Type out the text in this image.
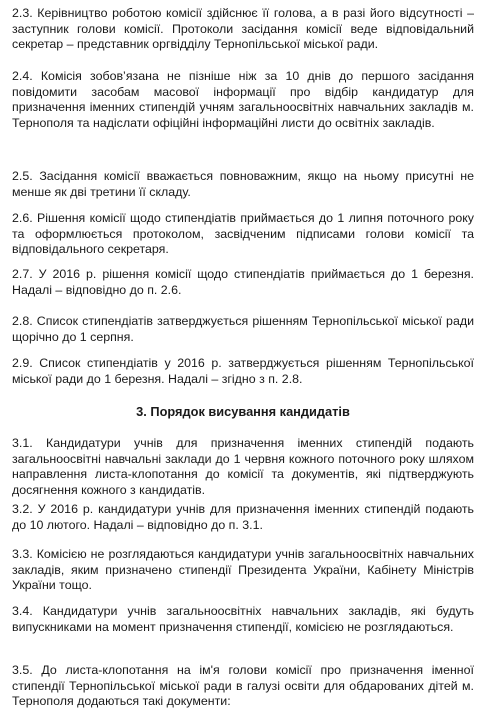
2.3. Керівництво роботою комісії здійснює її голова, а в разі його відсутності – заступник голови комісії. Протоколи засідання комісії веде відповідальний секретар – представник оргвідділу Тернопільської міської ради.

2.4. Комісія зобов’язана не пізніше ніж за 10 днів до першого засідання повідомити засобам масової інформації про відбір кандидатур для призначення іменних стипендій учням загальноосвітніх навчальних закладів м. Тернополя та надіслати офіційні інформаційні листи до освітніх закладів.

2.5. Засідання комісії вважається повноважним, якщо на ньому присутні не менше як дві третини її складу.

2.6. Рішення комісії щодо стипендіатів приймається до 1 липня поточного року та оформлюється протоколом, засвідченим підписами голови комісії та відповідального секретаря.

2.7. У 2016 р. рішення комісії щодо стипендіатів приймається до 1 березня. Надалі – відповідно до п. 2.6.

2.8. Список стипендіатів затверджується рішенням Тернопільської міської ради щорічно до 1 серпня.

2.9. Список стипендіатів у 2016 р. затверджується рішенням Тернопільської міської ради до 1 березня. Надалі – згідно з п. 2.8.

3. Порядок висування кандидатів

3.1. Кандидатури учнів для призначення іменних стипендій подають загальноосвітні навчальні заклади до 1 червня кожного поточного року шляхом направлення листа-клопотання до комісії та документів, які підтверджують досягнення кожного з кандидатів.

3.2. У 2016 р. кандидатури учнів для призначення іменних стипендій подають до 10 лютого. Надалі – відповідно до п. 3.1.

3.3. Комісією не розглядаються кандидатури учнів загальноосвітніх навчальних закладів, яким призначено стипендії Президента України, Кабінету Міністрів України тощо.

3.4. Кандидатури учнів загальноосвітніх навчальних закладів, які будуть випускниками на момент призначення стипендії, комісією не розглядаються.

3.5. До листа-клопотання на ім'я голови комісії про призначення іменної стипендії Тернопільської міської ради в галузі освіти для обдарованих дітей м. Тернополя додаються такі документи:
